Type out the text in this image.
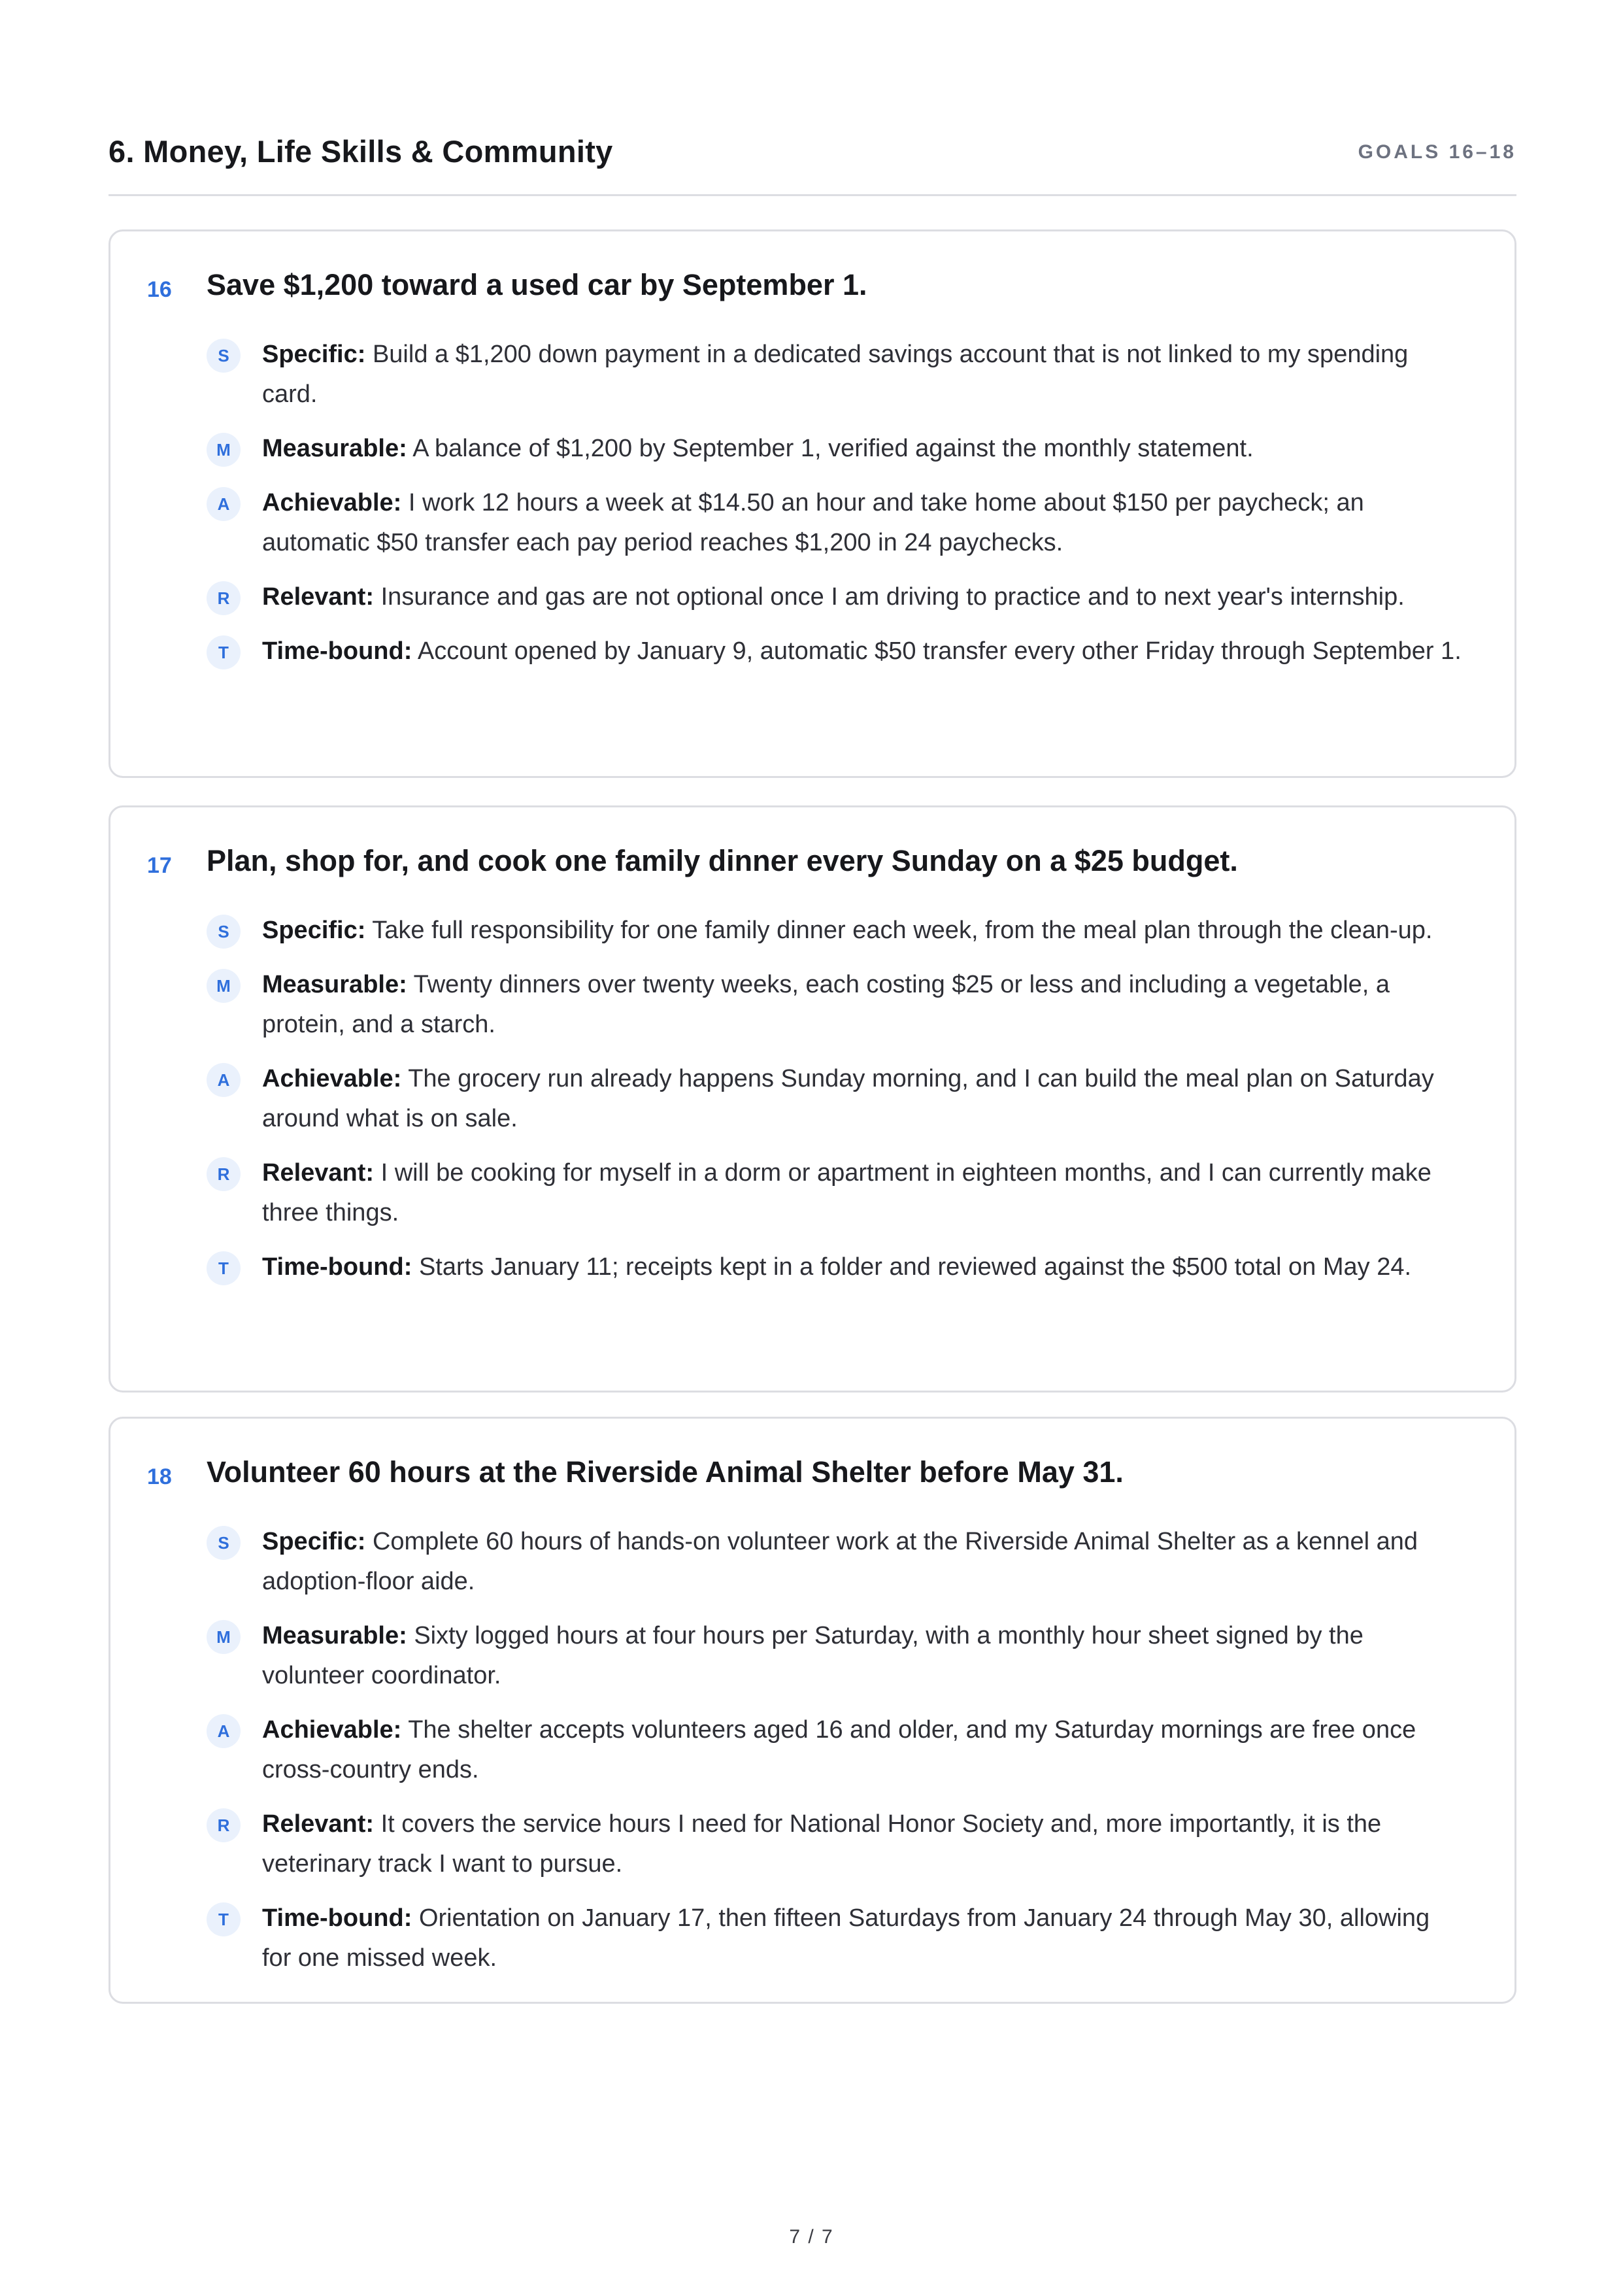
6. Money, Life Skills & Community	GOALS 16–18
16 Save $1,200 toward a used car by September 1.
S	Specific: Build a $1,200 down payment in a dedicated savings account that is not linked to my spending card.
M	Measurable: A balance of $1,200 by September 1, verified against the monthly statement.
A	Achievable: I work 12 hours a week at $14.50 an hour and take home about $150 per paycheck; an automatic $50 transfer each pay period reaches $1,200 in 24 paychecks.
R	Relevant: Insurance and gas are not optional once I am driving to practice and to next year's internship.
T	Time-bound: Account opened by January 9, automatic $50 transfer every other Friday through September 1.
17 Plan, shop for, and cook one family dinner every Sunday on a $25 budget.
S	Specific: Take full responsibility for one family dinner each week, from the meal plan through the clean-up.
M	Measurable: Twenty dinners over twenty weeks, each costing $25 or less and including a vegetable, a protein, and a starch.
A	Achievable: The grocery run already happens Sunday morning, and I can build the meal plan on Saturday around what is on sale.
R	Relevant: I will be cooking for myself in a dorm or apartment in eighteen months, and I can currently make three things.
T	Time-bound: Starts January 11; receipts kept in a folder and reviewed against the $500 total on May 24.
18 Volunteer 60 hours at the Riverside Animal Shelter before May 31.
S	Specific: Complete 60 hours of hands-on volunteer work at the Riverside Animal Shelter as a kennel and adoption-floor aide.
M	Measurable: Sixty logged hours at four hours per Saturday, with a monthly hour sheet signed by the volunteer coordinator.
A	Achievable: The shelter accepts volunteers aged 16 and older, and my Saturday mornings are free once cross-country ends.
R	Relevant: It covers the service hours I need for National Honor Society and, more importantly, it is the veterinary track I want to pursue.
T	Time-bound: Orientation on January 17, then fifteen Saturdays from January 24 through May 30, allowing for one missed week.
7 / 7
